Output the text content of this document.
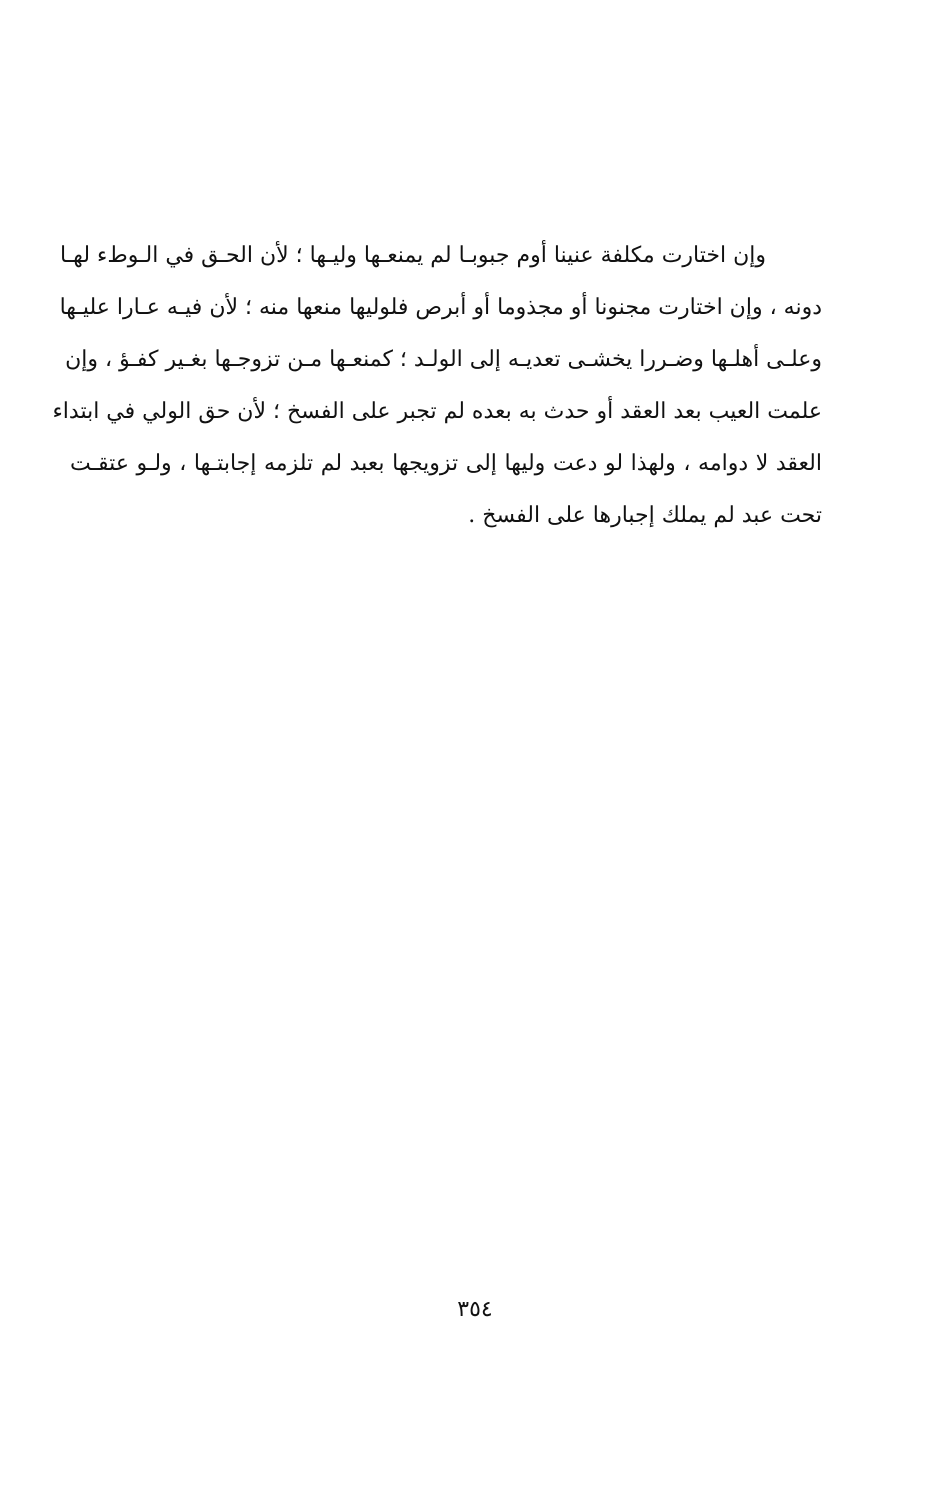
وإن اختارت مكلفة عنينا أوم جبوبـا لم يمنعـها وليـها ؛ لأن الحـق في الـوطء لهـا
دونه ، وإن اختارت مجنونا أو مجذوما أو أبرص فلوليها منعها منه ؛ لأن فيـه عـارا عليـها
وعلـى أهلـها وضـررا يخشـى تعديـه إلى الولـد ؛ كمنعـها مـن تزوجـها بغـير كفـؤ ، وإن
علمت العيب بعد العقد أو حدث به بعده لم تجبر على الفسخ ؛ لأن حق الولي في ابتداء
العقد لا دوامه ، ولهذا لو دعت وليها إلى تزويجها بعبد لم تلزمه إجابتـها ، ولـو عتقـت
تحت عبد لم يملك إجبارها على الفسخ .
٣٥٤
